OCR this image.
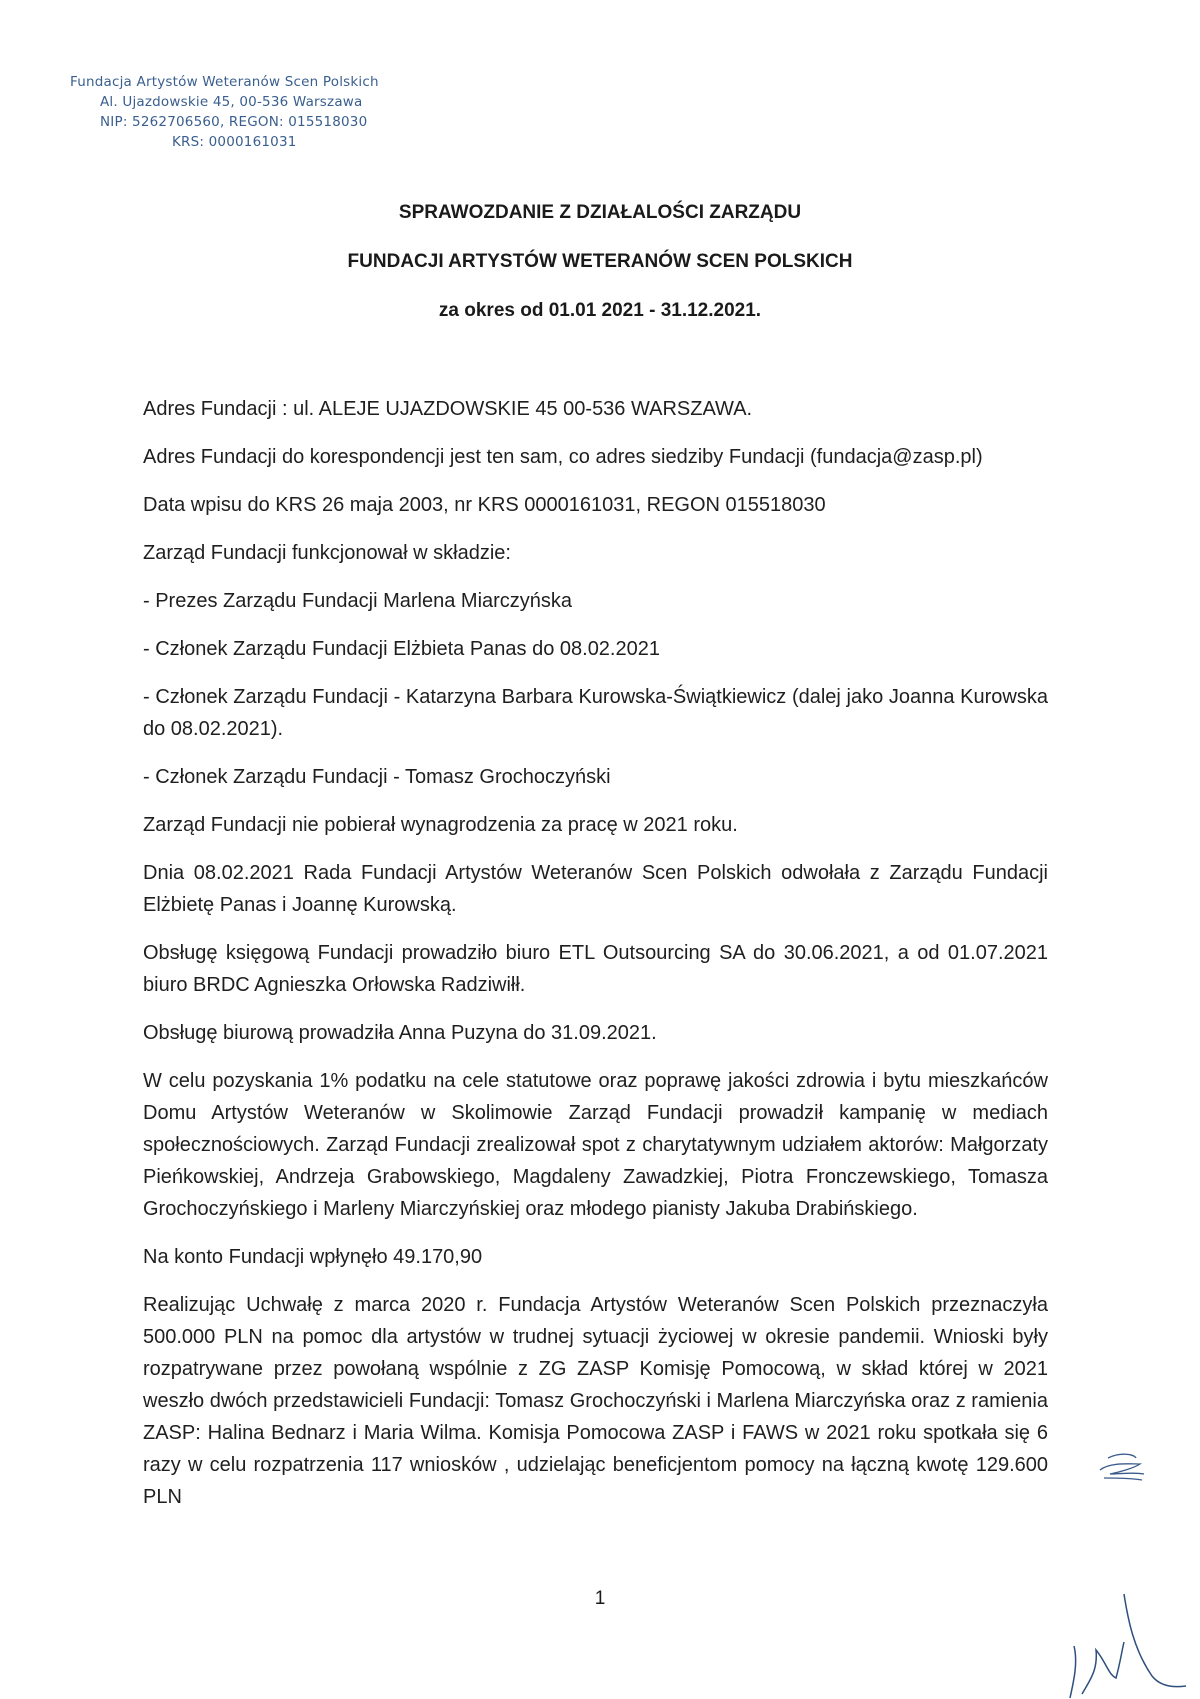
Fundacja Artystów Weteranów Scen Polskich
Al. Ujazdowskie 45, 00-536 Warszawa
NIP: 5262706560, REGON: 015518030
KRS: 0000161031
SPRAWOZDANIE Z DZIAŁALOŚCI ZARZĄDU
FUNDACJI ARTYSTÓW WETERANÓW SCEN POLSKICH
za okres od 01.01 2021 - 31.12.2021.

Adres Fundacji : ul. ALEJE UJAZDOWSKIE 45 00-536 WARSZAWA.

Adres Fundacji do korespondencji jest ten sam, co adres siedziby Fundacji (fundacja@zasp.pl)

Data wpisu do KRS 26 maja 2003, nr KRS 0000161031, REGON 015518030

Zarząd Fundacji funkcjonował w składzie:

- Prezes Zarządu Fundacji Marlena Miarczyńska

- Członek Zarządu Fundacji Elżbieta Panas do 08.02.2021

- Członek Zarządu Fundacji - Katarzyna Barbara Kurowska-Świątkiewicz (dalej jako Joanna Kurowska do 08.02.2021).

- Członek Zarządu Fundacji - Tomasz Grochoczyński

Zarząd Fundacji nie pobierał wynagrodzenia za pracę w 2021 roku.

Dnia 08.02.2021 Rada Fundacji Artystów Weteranów Scen Polskich odwołała z Zarządu Fundacji Elżbietę Panas i Joannę Kurowską.

Obsługę księgową Fundacji prowadziło biuro ETL Outsourcing SA do 30.06.2021, a od 01.07.2021 biuro BRDC Agnieszka Orłowska Radziwiłł.

Obsługę biurową prowadziła Anna Puzyna do 31.09.2021.

W celu pozyskania 1% podatku na cele statutowe oraz poprawę jakości zdrowia i bytu mieszkańców Domu Artystów Weteranów w Skolimowie Zarząd Fundacji prowadził kampanię w mediach społecznościowych. Zarząd Fundacji zrealizował spot z charytatywnym udziałem aktorów: Małgorzaty Pieńkowskiej, Andrzeja Grabowskiego, Magdaleny Zawadzkiej, Piotra Fronczewskiego, Tomasza Grochoczyńskiego i Marleny Miarczyńskiej oraz młodego pianisty Jakuba Drabińskiego.

Na konto Fundacji wpłynęło 49.170,90

Realizując Uchwałę z marca 2020 r. Fundacja Artystów Weteranów Scen Polskich przeznaczyła 500.000 PLN na pomoc dla artystów w trudnej sytuacji życiowej w okresie pandemii. Wnioski były rozpatrywane przez powołaną wspólnie z ZG ZASP Komisję Pomocową, w skład której w 2021 weszło dwóch przedstawicieli Fundacji: Tomasz Grochoczyński i Marlena Miarczyńska oraz z ramienia ZASP: Halina Bednarz i Maria Wilma. Komisja Pomocowa ZASP i FAWS w 2021 roku spotkała się 6 razy w celu rozpatrzenia 117 wniosków , udzielając beneficjentom pomocy na łączną kwotę 129.600 PLN

1
